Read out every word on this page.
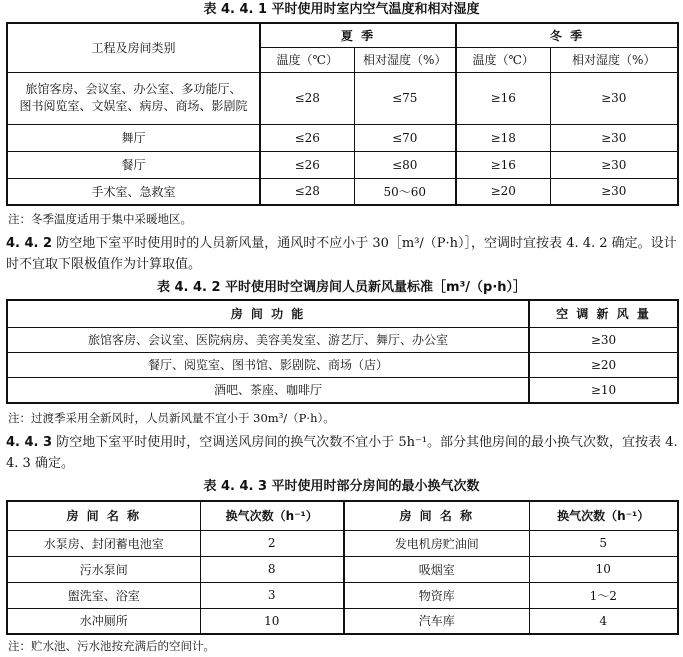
表 4. 4. 1 平时使用时室内空气温度和相对湿度
工程及房间类别	夏 季		冬 季	
	温度（℃）	相对湿度（%）	温度（℃）	相对湿度（%）
旅馆客房、会议室、办公室、多功能厅、
图书阅览室、文娱室、病房、商场、影剧院	≤28	≤75	≥16	≥30
舞厅	≤26	≤70	≥18	≥30
餐厅	≤26	≤80	≥16	≥30
手术室、急救室	≤28	50～60	≥20	≥30
注：冬季温度适用于集中采暖地区。
4. 4. 2 防空地下室平时使用时的人员新风量，通风时不应小于 30［m³/（P·h）］，空调时宜按表 4. 4. 2 确定。设计时不宜取下限极值作为计算取值。
表 4. 4. 2 平时使用时空调房间人员新风量标准［m³/（p·h）］
房 间 功 能	空 调 新 风 量
旅馆客房、会议室、医院病房、美容美发室、游艺厅、舞厅、办公室	≥30
餐厅、阅览室、图书馆、影剧院、商场（店）	≥20
酒吧、茶座、咖啡厅	≥10
注：过渡季采用全新风时，人员新风量不宜小于 30m³/（P·h）。
4. 4. 3 防空地下室平时使用时，空调送风房间的换气次数不宜小于 5h⁻¹。部分其他房间的最小换气次数，宜按表 4. 4. 3 确定。
表 4. 4. 3 平时使用时部分房间的最小换气次数
房 间 名 称	换气次数（h⁻¹）	房 间 名 称	换气次数（h⁻¹）
水泵房、封闭蓄电池室	2	发电机房贮油间	5
污水泵间	8	吸烟室	10
盥洗室、浴室	3	物资库	1～2
水冲厕所	10	汽车库	4
注：贮水池、污水池按充满后的空间计。
